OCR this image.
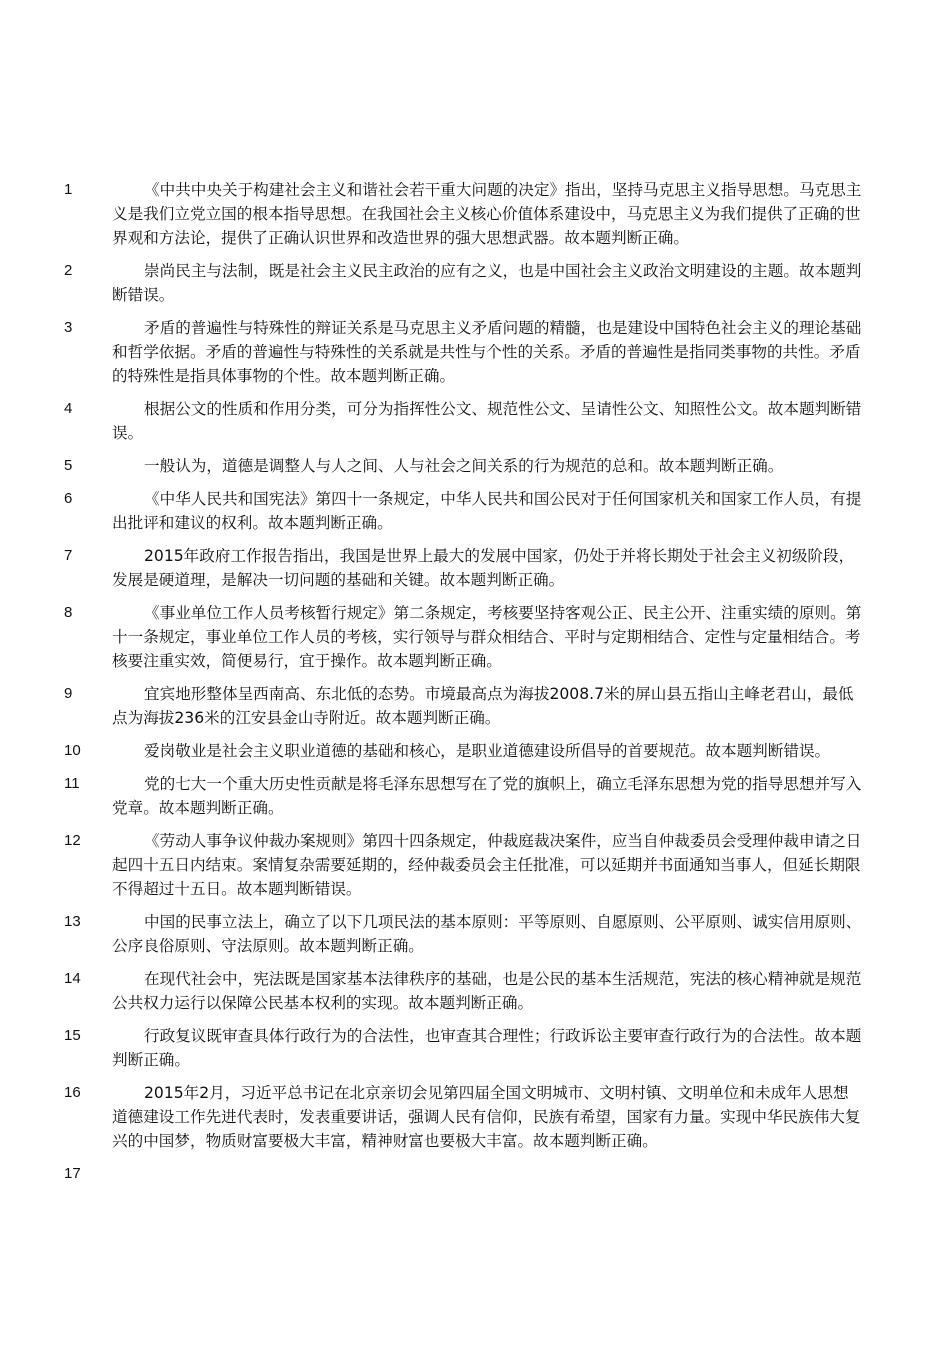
1	《中共中央关于构建社会主义和谐社会若干重大问题的决定》指出，坚持马克思主义指导思想。马克思主义是我们立党立国的根本指导思想。在我国社会主义核心价值体系建设中，马克思主义为我们提供了正确的世界观和方法论，提供了正确认识世界和改造世界的强大思想武器。故本题判断正确。
2	崇尚民主与法制，既是社会主义民主政治的应有之义，也是中国社会主义政治文明建设的主题。故本题判断错误。
3	矛盾的普遍性与特殊性的辩证关系是马克思主义矛盾问题的精髓，也是建设中国特色社会主义的理论基础和哲学依据。矛盾的普遍性与特殊性的关系就是共性与个性的关系。矛盾的普遍性是指同类事物的共性。矛盾的特殊性是指具体事物的个性。故本题判断正确。
4	根据公文的性质和作用分类，可分为指挥性公文、规范性公文、呈请性公文、知照性公文。故本题判断错误。
5	一般认为，道德是调整人与人之间、人与社会之间关系的行为规范的总和。故本题判断正确。
6	《中华人民共和国宪法》第四十一条规定，中华人民共和国公民对于任何国家机关和国家工作人员，有提出批评和建议的权利。故本题判断正确。
7	2015年政府工作报告指出，我国是世界上最大的发展中国家，仍处于并将长期处于社会主义初级阶段，发展是硬道理，是解决一切问题的基础和关键。故本题判断正确。
8	《事业单位工作人员考核暂行规定》第二条规定，考核要坚持客观公正、民主公开、注重实绩的原则。第十一条规定，事业单位工作人员的考核，实行领导与群众相结合、平时与定期相结合、定性与定量相结合。考核要注重实效，简便易行，宜于操作。故本题判断正确。
9	宜宾地形整体呈西南高、东北低的态势。市境最高点为海拔2008.7米的屏山县五指山主峰老君山，最低点为海拔236米的江安县金山寺附近。故本题判断正确。
10	爱岗敬业是社会主义职业道德的基础和核心，是职业道德建设所倡导的首要规范。故本题判断错误。
11	党的七大一个重大历史性贡献是将毛泽东思想写在了党的旗帜上，确立毛泽东思想为党的指导思想并写入党章。故本题判断正确。
12	《劳动人事争议仲裁办案规则》第四十四条规定，仲裁庭裁决案件，应当自仲裁委员会受理仲裁申请之日起四十五日内结束。案情复杂需要延期的，经仲裁委员会主任批准，可以延期并书面通知当事人，但延长期限不得超过十五日。故本题判断错误。
13	中国的民事立法上，确立了以下几项民法的基本原则：平等原则、自愿原则、公平原则、诚实信用原则、公序良俗原则、守法原则。故本题判断正确。
14	在现代社会中，宪法既是国家基本法律秩序的基础，也是公民的基本生活规范，宪法的核心精神就是规范公共权力运行以保障公民基本权利的实现。故本题判断正确。
15	行政复议既审查具体行政行为的合法性，也审查其合理性；行政诉讼主要审查行政行为的合法性。故本题判断正确。
16	2015年2月，习近平总书记在北京亲切会见第四届全国文明城市、文明村镇、文明单位和未成年人思想道德建设工作先进代表时，发表重要讲话，强调人民有信仰，民族有希望，国家有力量。实现中华民族伟大复兴的中国梦，物质财富要极大丰富，精神财富也要极大丰富。故本题判断正确。
17
